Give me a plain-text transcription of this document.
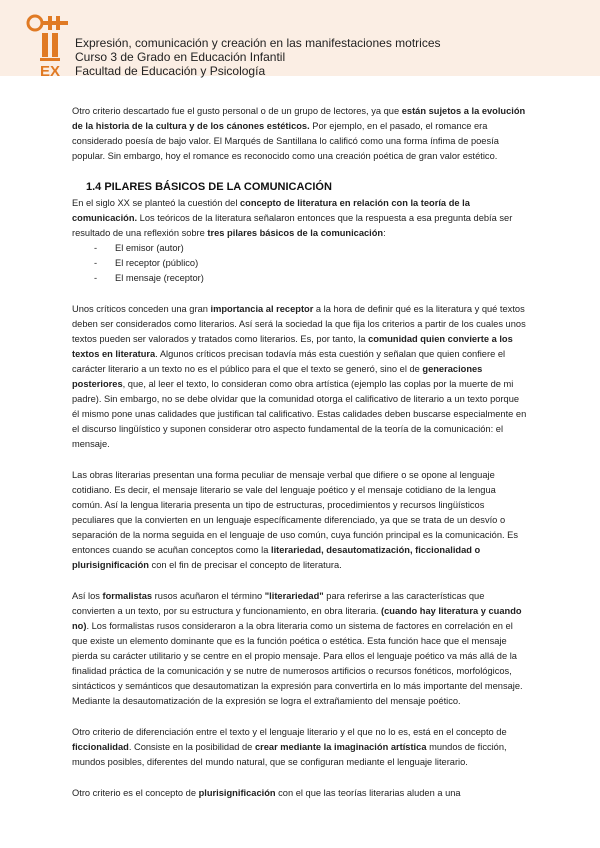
EX
Expresión, comunicación y creación en las manifestaciones motrices
Curso 3 de Grado en Educación Infantil
Facultad de Educación y Psicología

Otro criterio descartado fue el gusto personal o de un grupo de lectores, ya que están sujetos a la evolución de la historia de la cultura y de los cánones estéticos. Por ejemplo, en el pasado, el romance era considerado poesía de bajo valor. El Marqués de Santillana lo calificó como una forma ínfima de poesía popular. Sin embargo, hoy el romance es reconocido como una creación poética de gran valor estético.

1.4 PILARES BÁSICOS DE LA COMUNICACIÓN

En el siglo XX se planteó la cuestión del concepto de literatura en relación con la teoría de la comunicación. Los teóricos de la literatura señalaron entonces que la respuesta a esa pregunta debía ser resultado de una reflexión sobre tres pilares básicos de la comunicación:

- El emisor (autor)
- El receptor (público)
- El mensaje (receptor)

Unos críticos conceden una gran importancia al receptor a la hora de definir qué es la literatura y qué textos deben ser considerados como literarios. Así será la sociedad la que fija los criterios a partir de los cuales unos textos pueden ser valorados y tratados como literarios. Es, por tanto, la comunidad quien convierte a los textos en literatura. Algunos críticos precisan todavía más esta cuestión y señalan que quien confiere el carácter literario a un texto no es el público para el que el texto se generó, sino el de generaciones posteriores, que, al leer el texto, lo consideran como obra artística (ejemplo las coplas por la muerte de mi padre). Sin embargo, no se debe olvidar que la comunidad otorga el calificativo de literario a un texto porque él mismo pone unas calidades que justifican tal calificativo. Estas calidades deben buscarse especialmente en el discurso lingüístico y suponen considerar otro aspecto fundamental de la teoría de la comunicación: el mensaje.

Las obras literarias presentan una forma peculiar de mensaje verbal que difiere o se opone al lenguaje cotidiano. Es decir, el mensaje literario se vale del lenguaje poético y el mensaje cotidiano de la lengua común. Así la lengua literaria presenta un tipo de estructuras, procedimientos y recursos lingüísticos peculiares que la convierten en un lenguaje específicamente diferenciado, ya que se trata de un desvío o separación de la norma seguida en el lenguaje de uso común, cuya función principal es la comunicación. Es entonces cuando se acuñan conceptos como la literariedad, desautomatización, ficcionalidad o plurisignificación con el fin de precisar el concepto de literatura.

Así los formalistas rusos acuñaron el término "literariedad" para referirse a las características que convierten a un texto, por su estructura y funcionamiento, en obra literaria. (cuando hay literatura y cuando no). Los formalistas rusos consideraron a la obra literaria como un sistema de factores en correlación en el que existe un elemento dominante que es la función poética o estética. Esta función hace que el mensaje pierda su carácter utilitario y se centre en el propio mensaje. Para ellos el lenguaje poético va más allá de la finalidad práctica de la comunicación y se nutre de numerosos artificios o recursos fonéticos, morfológicos, sintácticos y semánticos que desautomatizan la expresión para convertirla en lo más importante del mensaje. Mediante la desautomatización de la expresión se logra el extrañamiento del mensaje poético.

Otro criterio de diferenciación entre el texto y el lenguaje literario y el que no lo es, está en el concepto de ficcionalidad. Consiste en la posibilidad de crear mediante la imaginación artística mundos de ficción, mundos posibles, diferentes del mundo natural, que se configuran mediante el lenguaje literario.

Otro criterio es el concepto de plurisignificación con el que las teorías literarias aluden a una
